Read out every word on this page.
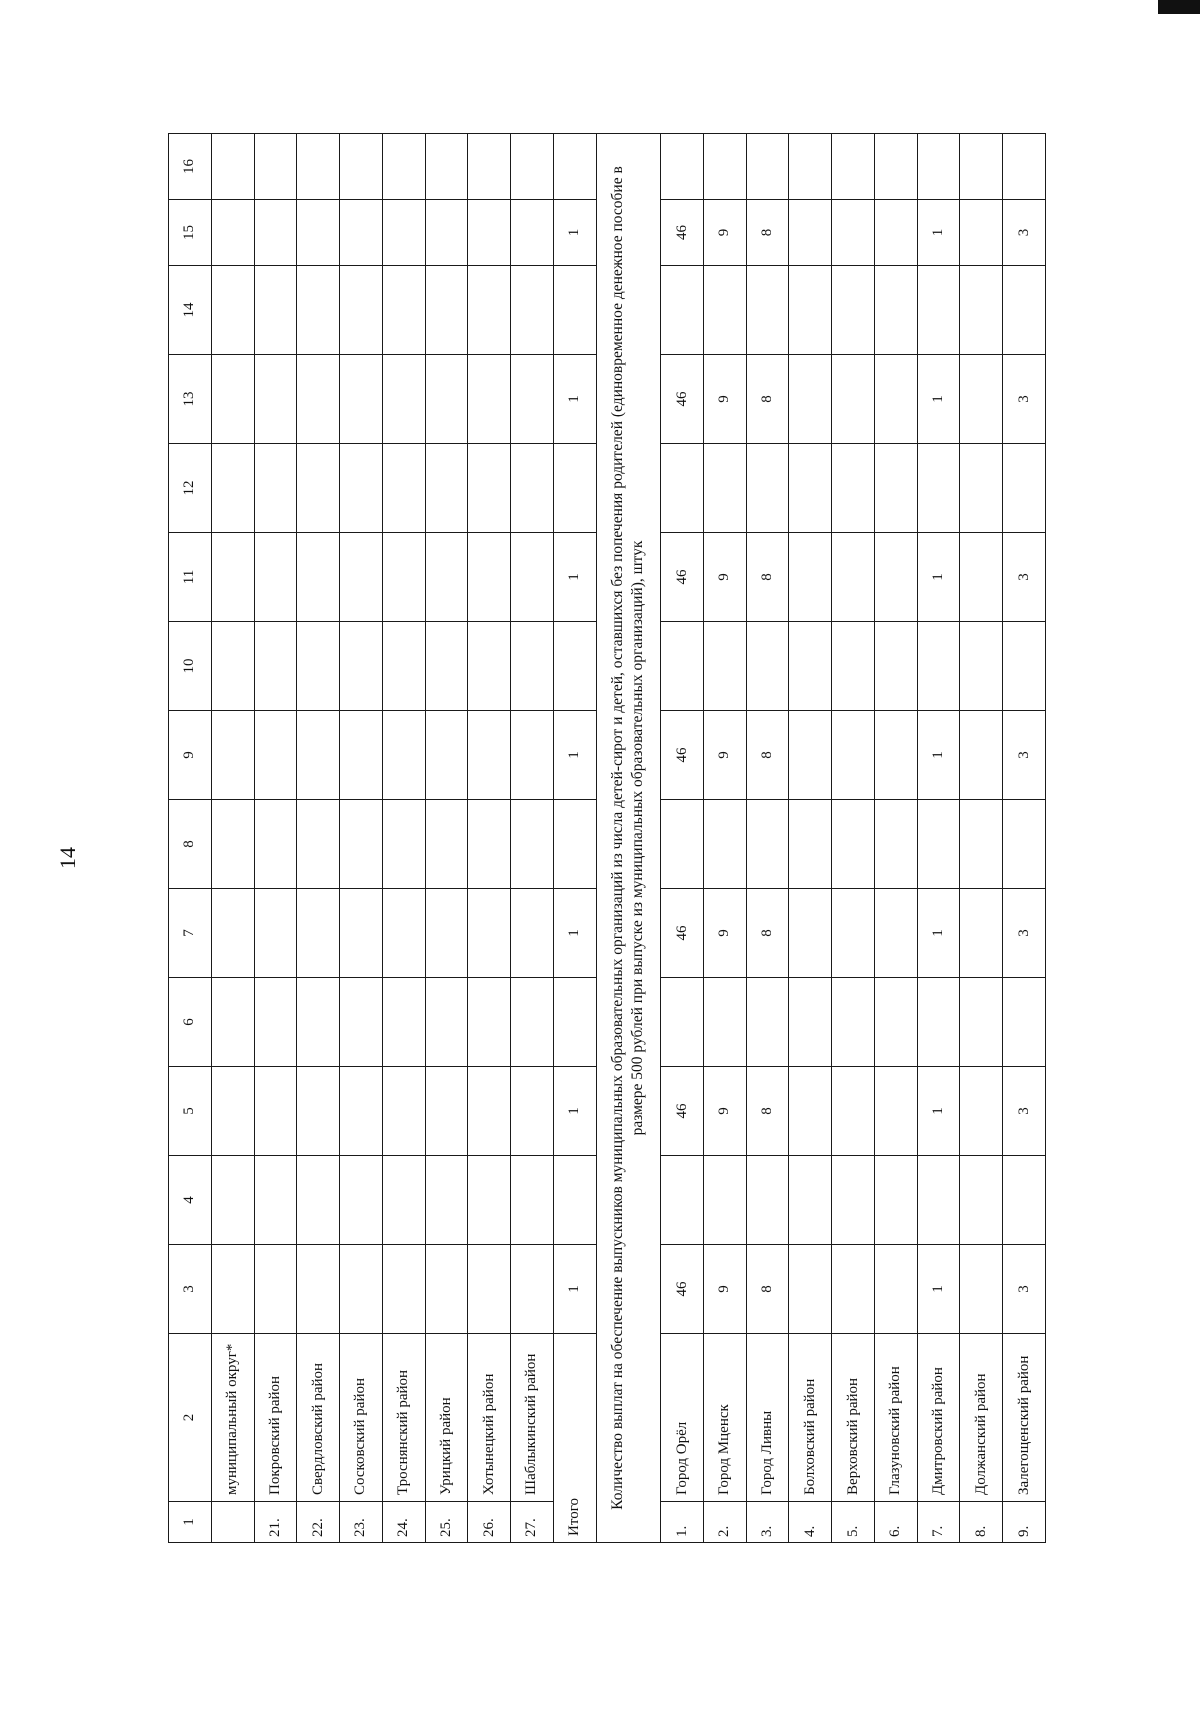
14
1	2	3	4	5	6	7	8	9	10	11	12	13	14	15	16
	муниципальный округ*														
21.	Покровский район														
22.	Свердловский район														
23.	Сосковский район														
24.	Троснянский район														
25.	Урицкий район														
26.	Хотынецкий район														
27.	Шаблыкинский район														
Итого		1		1		1		1		1		1		1	
Количество выплат на обеспечение выпускников муниципальных образовательных организаций из числа детей-сирот и детей, оставшихся без попечения родителей (единовременное денежное пособие в размере 500 рублей при выпуске из муниципальных образовательных организаций), штук															
1.	Город Орёл	46		46		46		46		46		46		46	
2.	Город Мценск	9		9		9		9		9		9		9	
3.	Город Ливны	8		8		8		8		8		8		8	
4.	Болховский район														
5.	Верховский район														
6.	Глазуновский район														
7.	Дмитровский район	1		1		1		1		1		1		1	
8.	Должанский район														
9.	Залегощенский район	3		3		3		3		3		3		3	
